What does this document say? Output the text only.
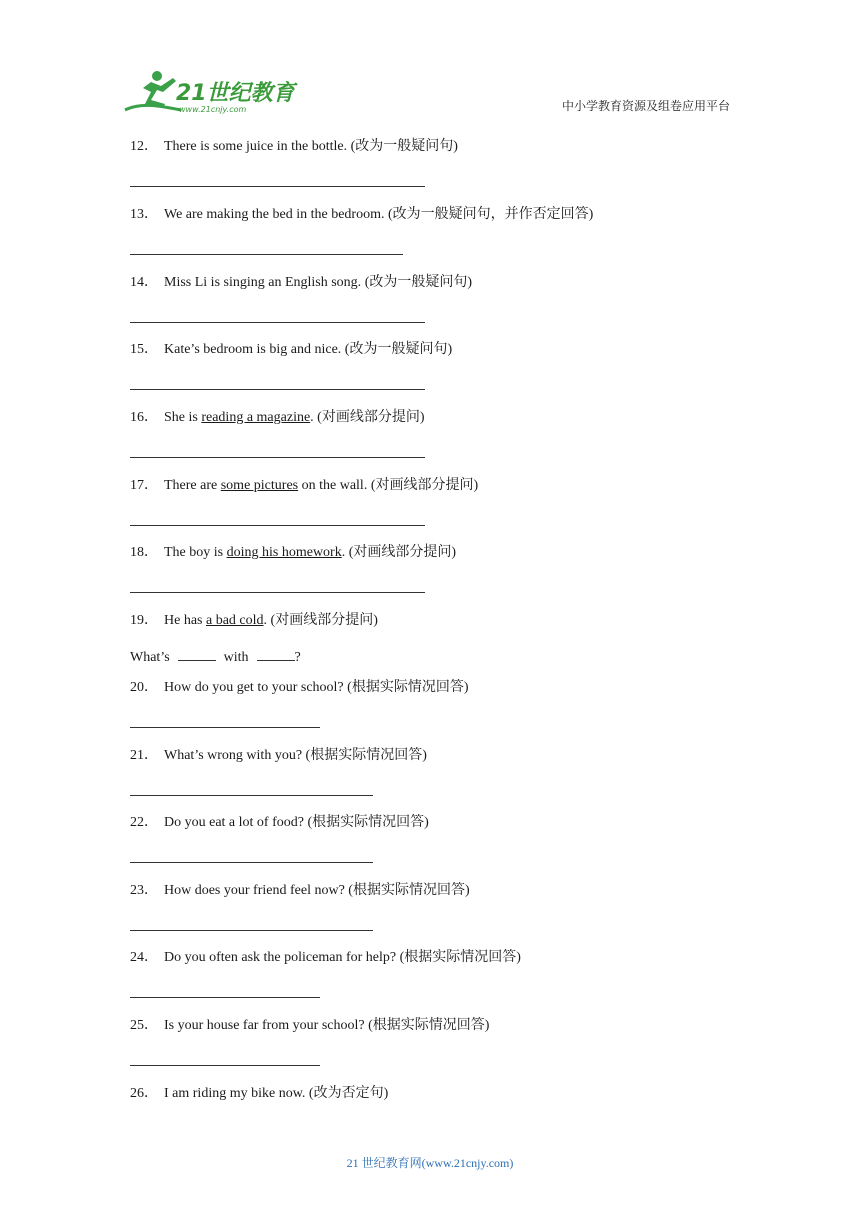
21世纪教育
www.21cnjy.com	中小学教育资源及组卷应用平台
12． There is some juice in the bottle. (改为一般疑问句)
13． We are making the bed in the bedroom. (改为一般疑问句，并作否定回答)
14． Miss Li is singing an English song. (改为一般疑问句)
15． Kate’s bedroom is big and nice. (改为一般疑问句)
16． She is reading a magazine. (对画线部分提问)
17． There are some pictures on the wall. (对画线部分提问)
18． The boy is doing his homework. (对画线部分提问)
19． He has a bad cold. (对画线部分提问)
20． How do you get to your school? (根据实际情况回答)
21． What’s wrong with you? (根据实际情况回答)
22． Do you eat a lot of food? (根据实际情况回答)
23． How does your friend feel now? (根据实际情况回答)
24． Do you often ask the policeman for help? (根据实际情况回答)
25． Is your house far from your school? (根据实际情况回答)
26． I am riding my bike now. (改为否定句)
What’s	with	?
21 世纪教育网(www.21cnjy.com)
